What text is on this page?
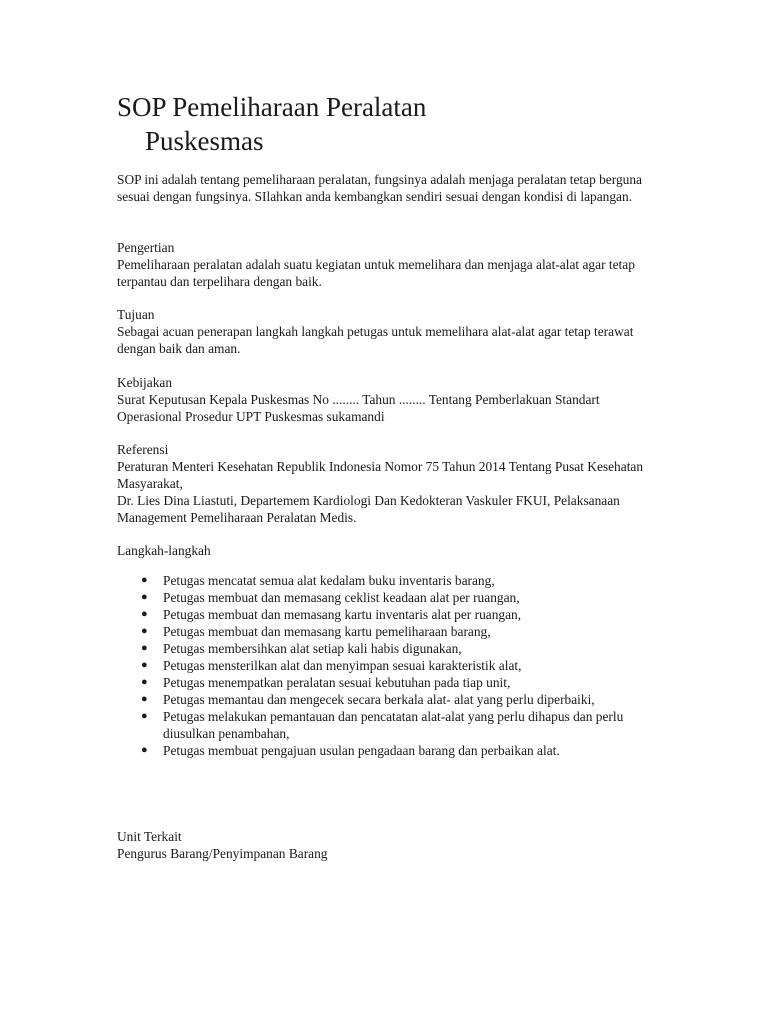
SOP Pemeliharaan Peralatan
Puskesmas

SOP ini adalah tentang pemeliharaan peralatan, fungsinya adalah menjaga peralatan tetap berguna sesuai dengan fungsinya. SIlahkan anda kembangkan sendiri sesuai dengan kondisi di lapangan.

Pengertian

Pemeliharaan peralatan adalah suatu kegiatan untuk memelihara dan menjaga alat-alat agar tetap terpantau dan terpelihara dengan baik.

Tujuan

Sebagai acuan penerapan langkah langkah petugas untuk memelihara alat-alat agar tetap terawat dengan baik dan aman.

Kebijakan

Surat Keputusan Kepala Puskesmas No ........ Tahun ........ Tentang Pemberlakuan Standart Operasional Prosedur UPT Puskesmas sukamandi

Referensi

Peraturan Menteri Kesehatan Republik Indonesia Nomor 75 Tahun 2014 Tentang Pusat Kesehatan Masyarakat,

Dr. Lies Dina Liastuti, Departemem Kardiologi Dan Kedokteran Vaskuler FKUI, Pelaksanaan Management Pemeliharaan Peralatan Medis.

Langkah-langkah

● Petugas mencatat semua alat kedalam buku inventaris barang,
● Petugas membuat dan memasang ceklist keadaan alat per ruangan,
● Petugas membuat dan memasang kartu inventaris alat per ruangan,
● Petugas membuat dan memasang kartu pemeliharaan barang,
● Petugas membersihkan alat setiap kali habis digunakan,
● Petugas mensterilkan alat dan menyimpan sesuai karakteristik alat,
● Petugas menempatkan peralatan sesuai kebutuhan pada tiap unit,
● Petugas memantau dan mengecek secara berkala alat- alat yang perlu diperbaiki,
● Petugas melakukan pemantauan dan pencatatan alat-alat yang perlu dihapus dan perlu diusulkan penambahan,
● Petugas membuat pengajuan usulan pengadaan barang dan perbaikan alat.

Unit Terkait

Pengurus Barang/Penyimpanan Barang
